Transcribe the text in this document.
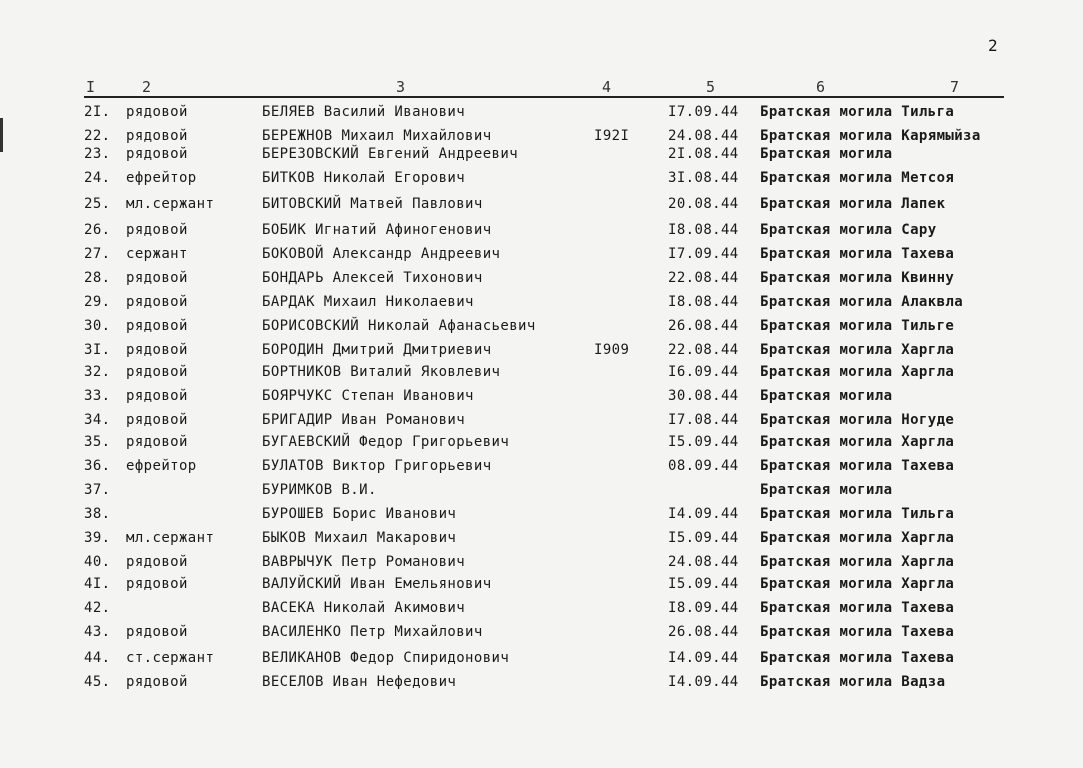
2
I	2	3	4	5	6	7
2I. рядовой	БЕЛЯЕВ Василий Иванович	I7.09.44 Братская могила Тильга
22. рядовой	БЕРЕЖНОВ Михаил Михайлович	I92I	24.08.44 Братская могила Карямыйза
23. рядовой	БЕРЕЗОВСКИЙ Евгений Андреевич	2I.08.44 Братская могила
24. ефрейтор	БИТКОВ Николай Егорович	3I.08.44 Братская могила Метсоя
25. мл.сержант	БИТОВСКИЙ Матвей Павлович	20.08.44 Братская могила Лапек
26. рядовой	БОБИК Игнатий Афиногенович	I8.08.44 Братская могила Сару
27. сержант	БОКОВОЙ Александр Андреевич	I7.09.44 Братская могила Тахева
28. рядовой	БОНДАРЬ Алексей Тихонович	22.08.44 Братская могила Квинну
29. рядовой	БАРДАК Михаил Николаевич	I8.08.44 Братская могила Алаквла
30. рядовой	БОРИСОВСКИЙ Николай Афанасьевич	26.08.44 Братская могила Тильге
3I. рядовой	БОРОДИН Дмитрий Дмитриевич	I909	22.08.44 Братская могила Харгла
32. рядовой	БОРТНИКОВ Виталий Яковлевич	I6.09.44 Братская могила Харгла
33. рядовой	БОЯРЧУКС Степан Иванович	30.08.44 Братская могила
34. рядовой	БРИГАДИР Иван Романович	I7.08.44 Братская могила Ногуде
35. рядовой	БУГАЕВСКИЙ Федор Григорьевич	I5.09.44 Братская могила Харгла
36. ефрейтор	БУЛАТОВ Виктор Григорьевич	08.09.44 Братская могила Тахева
37.	БУРИМКОВ В.И.	Братская могила
38.	БУРОШЕВ Борис Иванович	I4.09.44 Братская могила Тильга
39. мл.сержант	БЫКОВ Михаил Макарович	I5.09.44 Братская могила Харгла
40. рядовой	ВАВРЫЧУК Петр Романович	24.08.44 Братская могила Харгла
4I. рядовой	ВАЛУЙСКИЙ Иван Емельянович	I5.09.44 Братская могила Харгла
42.	ВАСЕКА Николай Акимович	I8.09.44 Братская могила Тахева
43. рядовой	ВАСИЛЕНКО Петр Михайлович	26.08.44 Братская могила Тахева
44. ст.сержант	ВЕЛИКАНОВ Федор Спиридонович	I4.09.44 Братская могила Тахева
45. рядовой	ВЕСЕЛОВ Иван Нефедович	I4.09.44 Братская могила Вадза
